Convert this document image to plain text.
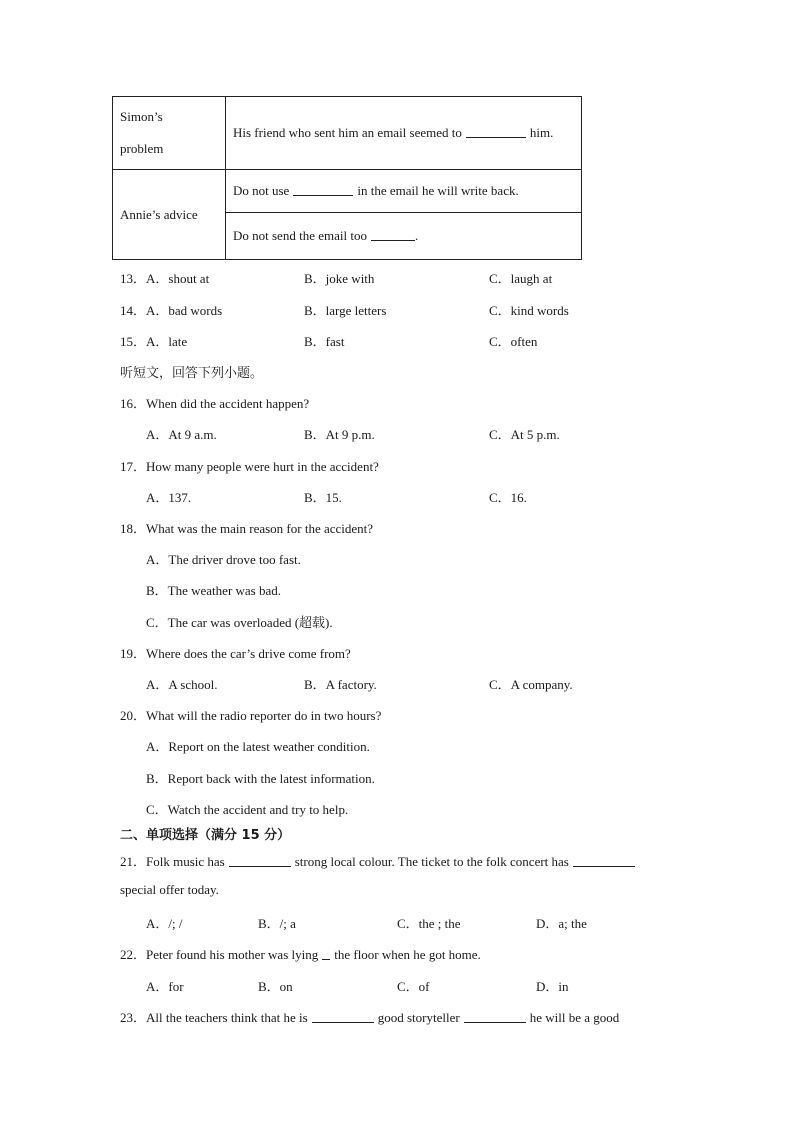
Simon’s problem	His friend who sent him an email seemed to him.
Annie’s advice	Do not use in the email he will write back.
	Do not send the email too .
13． A．shout at	B．joke with	C．laugh at
14． A．bad words	B．large letters	C．kind words
15． A．late	B．fast	C．often
听短文，回答下列小题。
16．When did the accident happen?
A．At 9 a.m.	B．At 9 p.m.	C．At 5 p.m.
17．How many people were hurt in the accident?
A．137.	B．15.	C．16.
18．What was the main reason for the accident?
A．The driver drove too fast.
B．The weather was bad.
C．The car was overloaded (超载).
19．Where does the car’s drive come from?
A．A school.	B．A factory.	C．A company.
20．What will the radio reporter do in two hours?
A．Report on the latest weather condition.
B．Report back with the latest information.
C．Watch the accident and try to help.
二、单项选择（满分 15 分）
21．Folk music has	strong local colour. The ticket to the folk concert has
special offer today.
A．/; /	B．/; a	C．the ; the	D．a; the
22．Peter found his mother was lying the floor when he got home.
A．for	B．on	C．of	D．in
23．All the teachers think that he is	good storyteller	he will be a good
